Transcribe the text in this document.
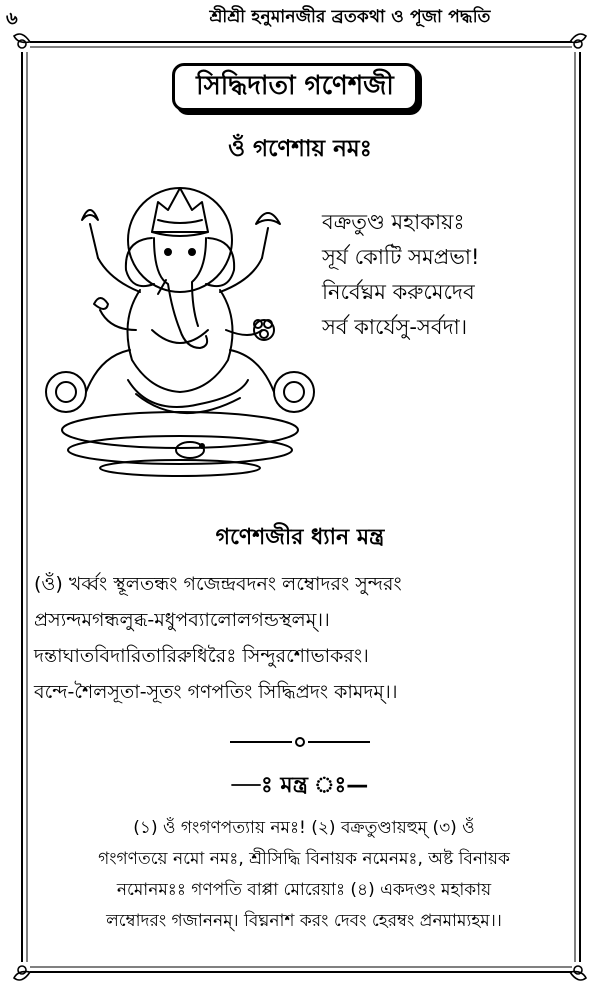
৬	শ্রীশ্রী হনুমানজীর ব্রতকথা ও পূজা পদ্ধতি
সিদ্ধিদাতা গণেশজী
ওঁ গণেশায় নমঃ
বক্রতুণ্ড মহাকায়ঃ
সূর্য কোটি সমপ্রভা!
নির্বেঘ্নম করুমেদেব
সর্ব কার্যেসু-সর্বদা।
গণেশজীর ধ্যান মন্ত্র
(ওঁ) খর্ব্বং স্থূলতন্ধং গজেন্দ্রবদনং লম্বোদরং সুন্দরং
প্রস্যন্দমগন্ধলুব্ধ-মধুপব্যালোলগন্ডস্থলম্।।
দন্তাঘাতবিদারিতারিরুধিরৈঃ সিন্দুরশোভাকরং।
বন্দে-শৈলসূতা-সূতং গণপতিং সিদ্ধিপ্রদং কামদম্।।
—ঃ মন্ত্র ঃ—
(১) ওঁ গংগণপত্যায় নমঃ! (২) বক্রতুণ্ডায়হুম্ (৩) ওঁ
গংগণতয়ে নমো নমঃ, শ্রীসিদ্ধি বিনায়ক নমেনমঃ, অষ্ট বিনায়ক
নমোনমঃঃ গণপতি বাপ্পা মোরেয়াঃ (৪) একদণ্ডং মহাকায়
লম্বোদরং গজাননম্। বিঘ্ননাশ করং দেবং হেরম্বং প্রনমাম্যহম।।
